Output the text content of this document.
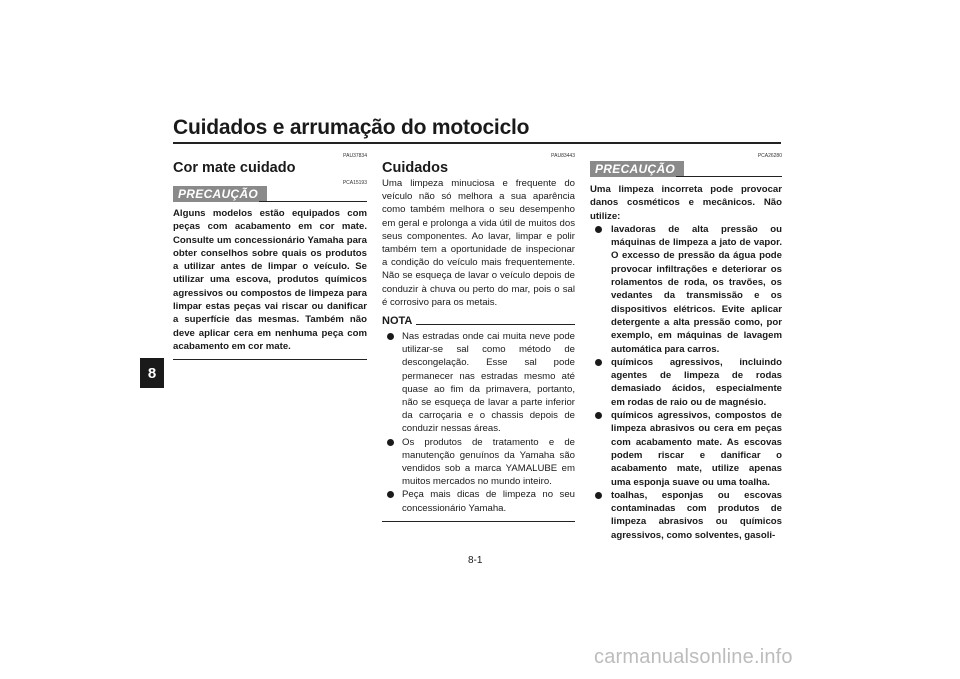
Cuidados e arrumação do motociclo
8
PAU37834
Cor mate cuidado
PCA15193
PRECAUÇÃO
Alguns modelos estão equipados com peças com acabamento em cor mate. Consulte um concessionário Yamaha para obter conselhos sobre quais os produtos a utilizar antes de limpar o veículo. Se utilizar uma escova, produtos químicos agressivos ou compostos de limpeza para limpar estas peças vai riscar ou danificar a superfície das mesmas. Também não deve aplicar cera em nenhuma peça com acabamento em cor mate.
PAU83443
Cuidados
Uma limpeza minuciosa e frequente do veículo não só melhora a sua aparência como também melhora o seu desempenho em geral e prolonga a vida útil de muitos dos seus componentes. Ao lavar, limpar e polir também tem a oportunidade de inspecionar a condição do veículo mais frequentemente. Não se esqueça de lavar o veículo depois de conduzir à chuva ou perto do mar, pois o sal é corrosivo para os metais.
NOTA
Nas estradas onde cai muita neve pode utilizar-se sal como método de descongelação. Esse sal pode permanecer nas estradas mesmo até quase ao fim da primavera, portanto, não se esqueça de lavar a parte inferior da carroçaria e o chassis depois de conduzir nessas áreas.
Os produtos de tratamento e de manutenção genuínos da Yamaha são vendidos sob a marca YAMALUBE em muitos mercados no mundo inteiro.
Peça mais dicas de limpeza no seu concessionário Yamaha.
PCA26280
PRECAUÇÃO
Uma limpeza incorreta pode provocar danos cosméticos e mecânicos. Não utilize:
lavadoras de alta pressão ou máquinas de limpeza a jato de vapor. O excesso de pressão da água pode provocar infiltrações e deteriorar os rolamentos de roda, os travões, os vedantes da transmissão e os dispositivos elétricos. Evite aplicar detergente a alta pressão como, por exemplo, em máquinas de lavagem automática para carros.
químicos agressivos, incluindo agentes de limpeza de rodas demasiado ácidos, especialmente em rodas de raio ou de magnésio.
químicos agressivos, compostos de limpeza abrasivos ou cera em peças com acabamento mate. As escovas podem riscar e danificar o acabamento mate, utilize apenas uma esponja suave ou uma toalha.
toalhas, esponjas ou escovas contaminadas com produtos de limpeza abrasivos ou químicos agressivos, como solventes, gasoli-
8-1
carmanualsonline.info
